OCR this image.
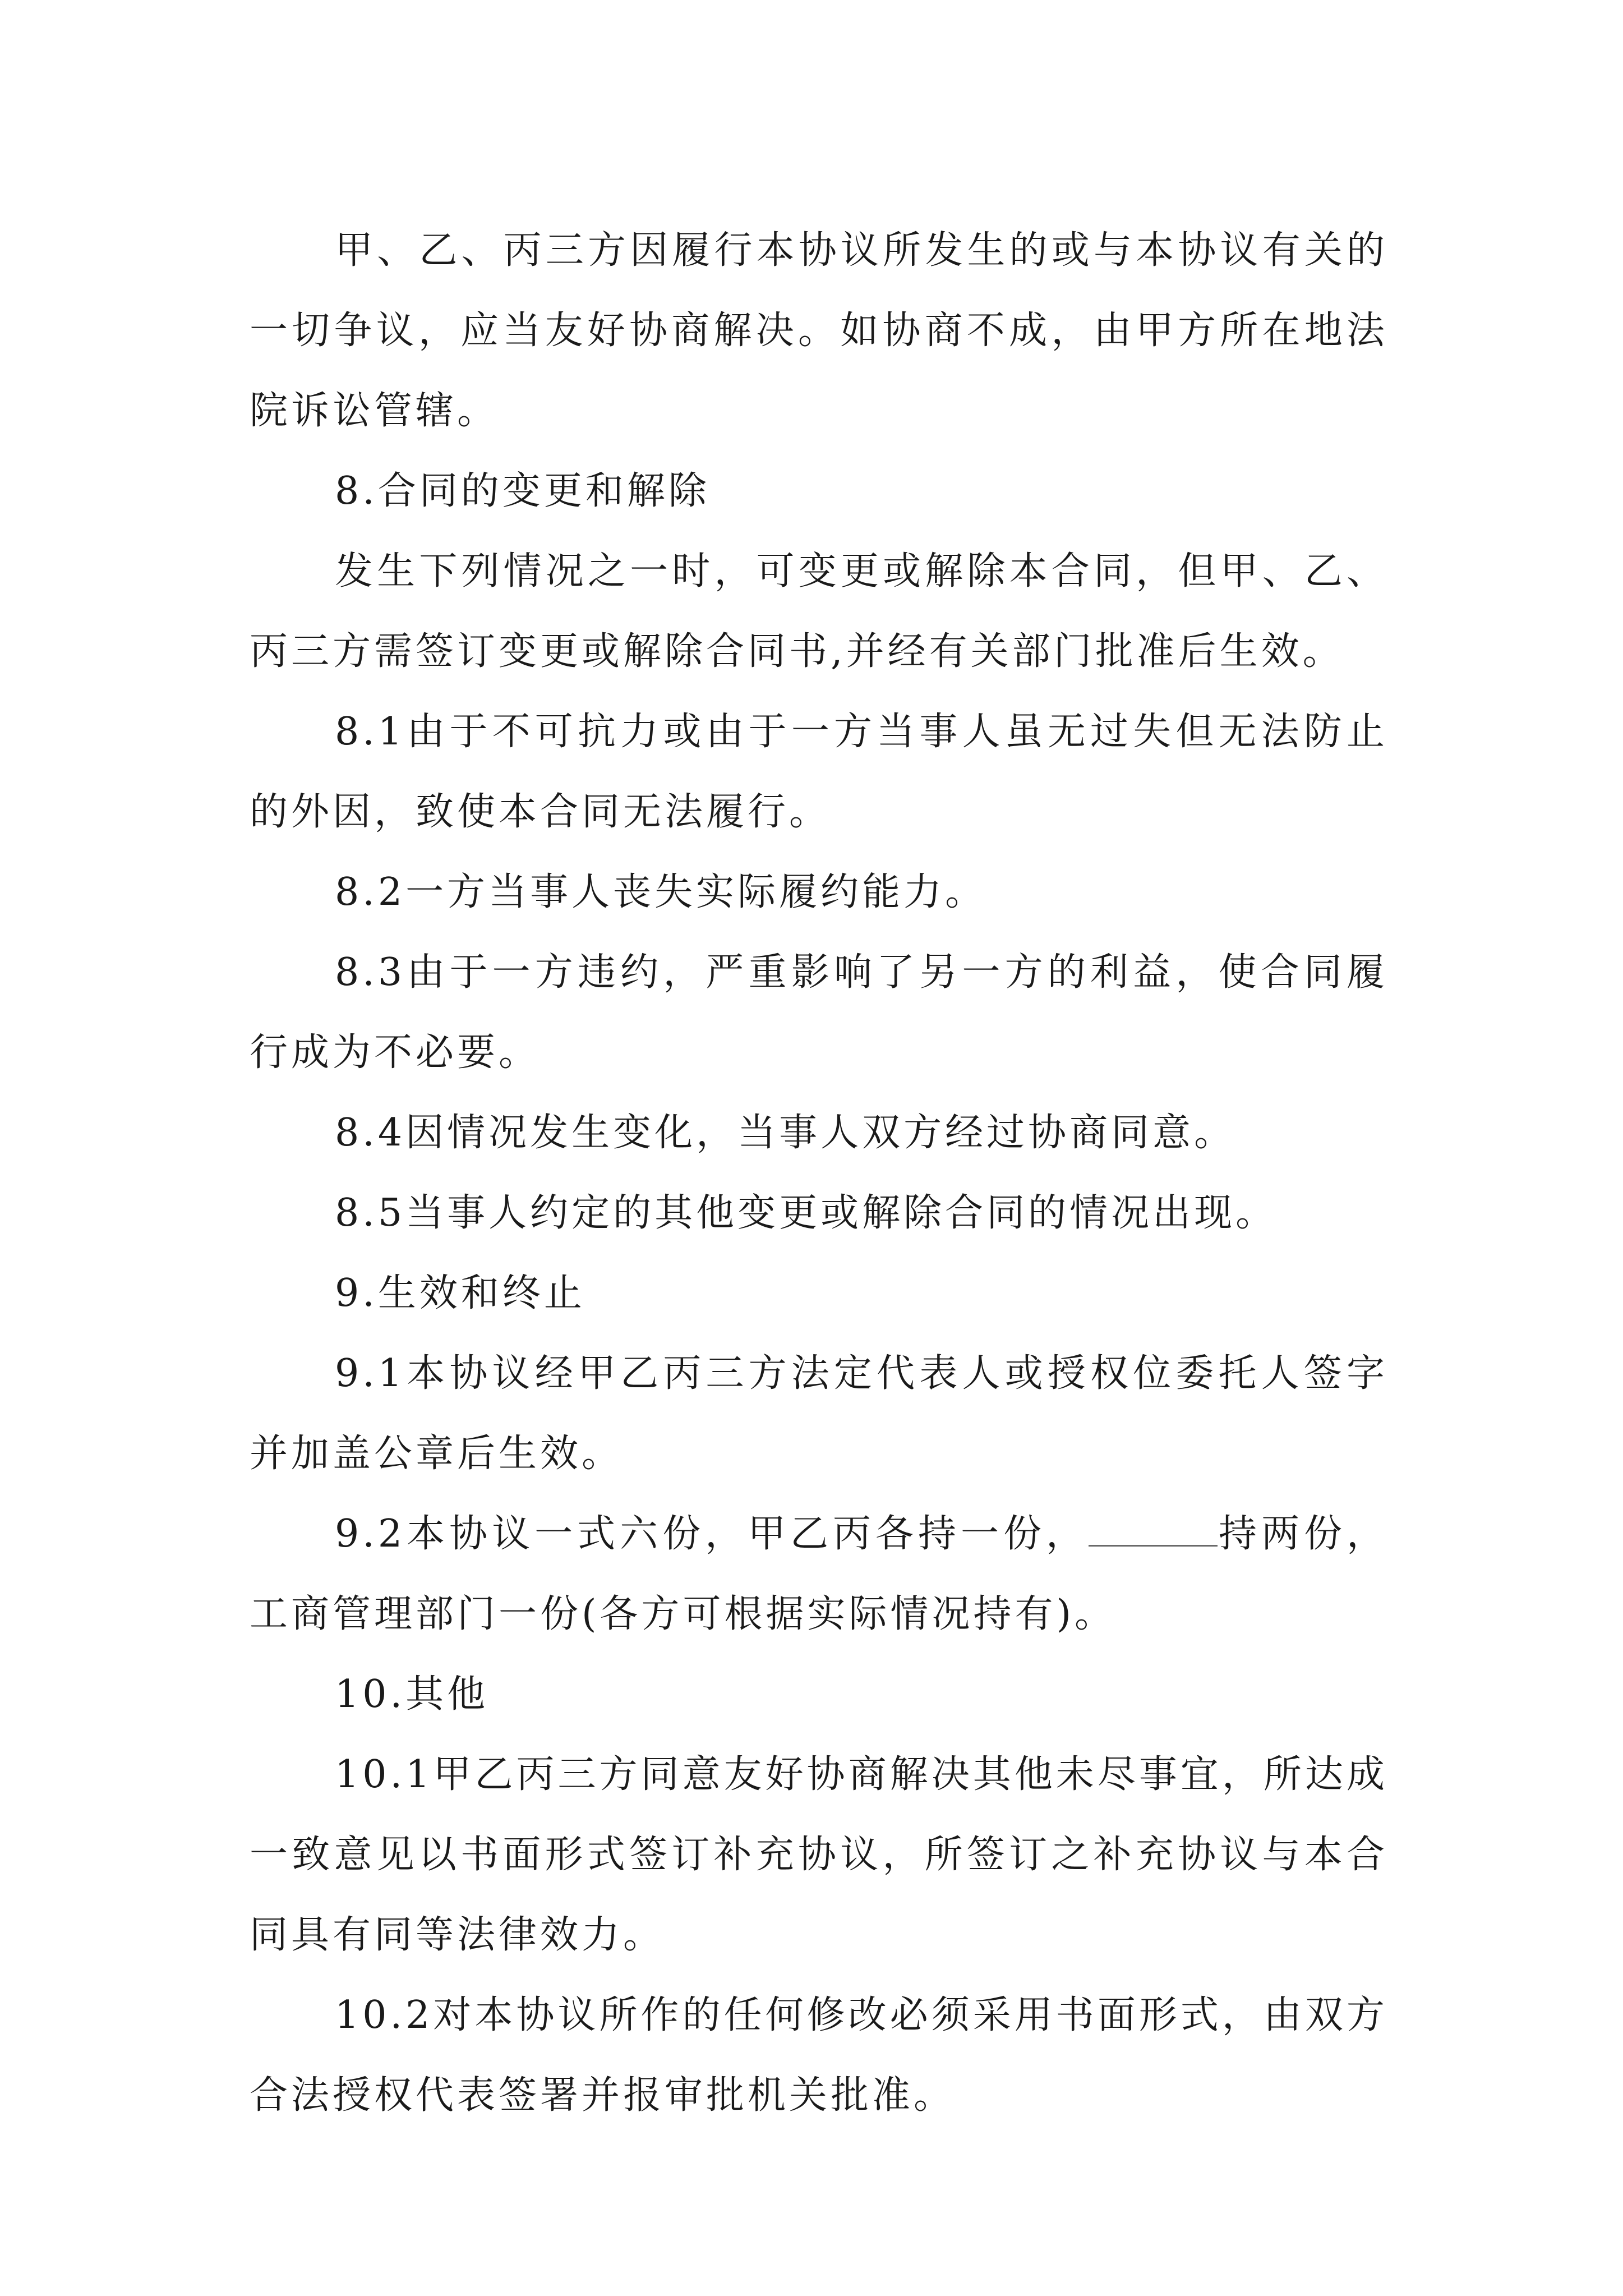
甲、乙、丙三方因履行本协议所发生的或与本协议有关的一切争议，应当友好协商解决。如协商不成，由甲方所在地法院诉讼管辖。

8.合同的变更和解除

发生下列情况之一时，可变更或解除本合同，但甲、乙、丙三方需签订变更或解除合同书,并经有关部门批准后生效。

8.1由于不可抗力或由于一方当事人虽无过失但无法防止的外因，致使本合同无法履行。

8.2一方当事人丧失实际履约能力。

8.3由于一方违约，严重影响了另一方的利益，使合同履行成为不必要。

8.4因情况发生变化，当事人双方经过协商同意。

8.5当事人约定的其他变更或解除合同的情况出现。

9.生效和终止

9.1本协议经甲乙丙三方法定代表人或授权位委托人签字并加盖公章后生效。

9.2本协议一式六份，甲乙丙各持一份，	持两份，工商管理部门一份(各方可根据实际情况持有)。

10.其他

10.1甲乙丙三方同意友好协商解决其他未尽事宜，所达成一致意见以书面形式签订补充协议，所签订之补充协议与本合同具有同等法律效力。

10.2对本协议所作的任何修改必须采用书面形式，由双方合法授权代表签署并报审批机关批准。
